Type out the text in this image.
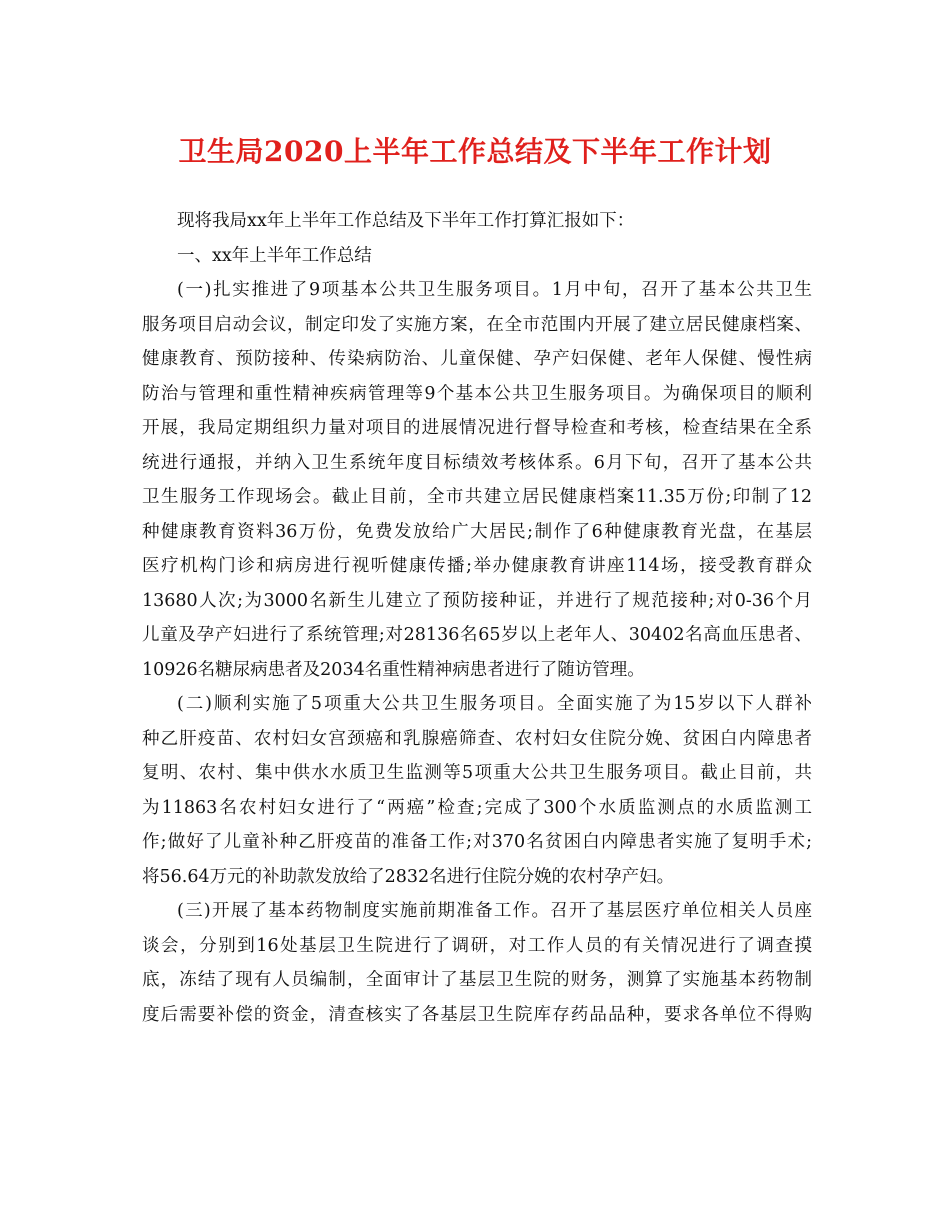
卫生局2020上半年工作总结及下半年工作计划
现将我局xx年上半年工作总结及下半年工作打算汇报如下：
一、xx年上半年工作总结
(一)扎实推进了9项基本公共卫生服务项目。1月中旬，召开了基本公共卫生
服务项目启动会议，制定印发了实施方案，在全市范围内开展了建立居民健康档案、
健康教育、预防接种、传染病防治、儿童保健、孕产妇保健、老年人保健、慢性病
防治与管理和重性精神疾病管理等9个基本公共卫生服务项目。为确保项目的顺利
开展，我局定期组织力量对项目的进展情况进行督导检查和考核，检查结果在全系
统进行通报，并纳入卫生系统年度目标绩效考核体系。6月下旬，召开了基本公共
卫生服务工作现场会。截止目前，全市共建立居民健康档案11.35万份;印制了12
种健康教育资料36万份，免费发放给广大居民;制作了6种健康教育光盘，在基层
医疗机构门诊和病房进行视听健康传播;举办健康教育讲座114场，接受教育群众
13680人次;为3000名新生儿建立了预防接种证，并进行了规范接种;对0-36个月
儿童及孕产妇进行了系统管理;对28136名65岁以上老年人、30402名高血压患者、
10926名糖尿病患者及2034名重性精神病患者进行了随访管理。
(二)顺利实施了5项重大公共卫生服务项目。全面实施了为15岁以下人群补
种乙肝疫苗、农村妇女宫颈癌和乳腺癌筛查、农村妇女住院分娩、贫困白内障患者
复明、农村、集中供水水质卫生监测等5项重大公共卫生服务项目。截止目前，共
为11863名农村妇女进行了“两癌”检查;完成了300个水质监测点的水质监测工
作;做好了儿童补种乙肝疫苗的准备工作;对370名贫困白内障患者实施了复明手术;
将56.64万元的补助款发放给了2832名进行住院分娩的农村孕产妇。
(三)开展了基本药物制度实施前期准备工作。召开了基层医疗单位相关人员座
谈会，分别到16处基层卫生院进行了调研，对工作人员的有关情况进行了调查摸
底，冻结了现有人员编制，全面审计了基层卫生院的财务，测算了实施基本药物制
度后需要补偿的资金，清查核实了各基层卫生院库存药品品种，要求各单位不得购
